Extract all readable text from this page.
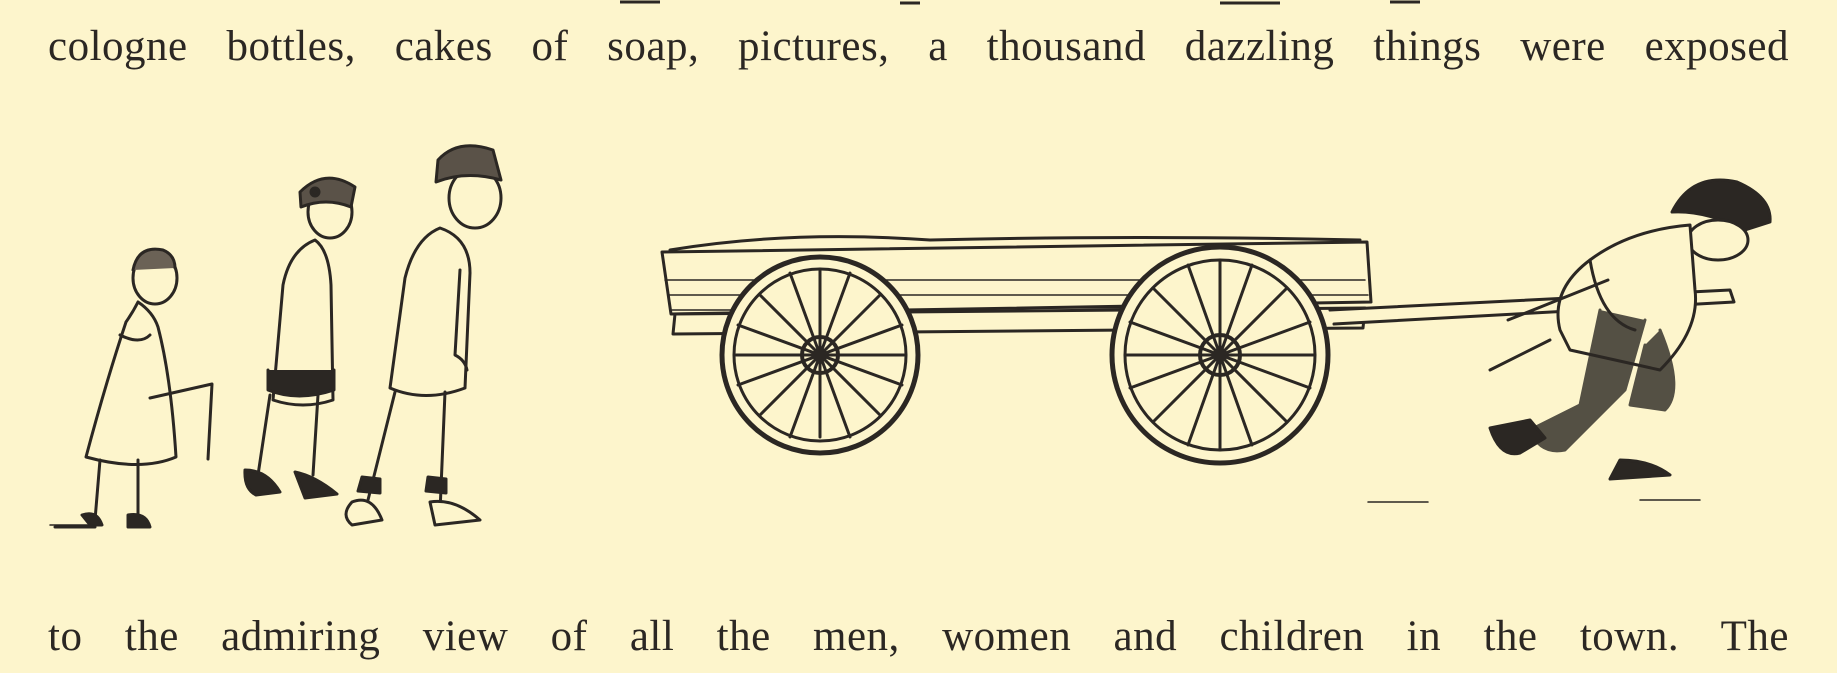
cologne bottles, cakes of soap, pictures, a thousand dazzling things were exposed
to the admiring view of all the men, women and children in the town. The
